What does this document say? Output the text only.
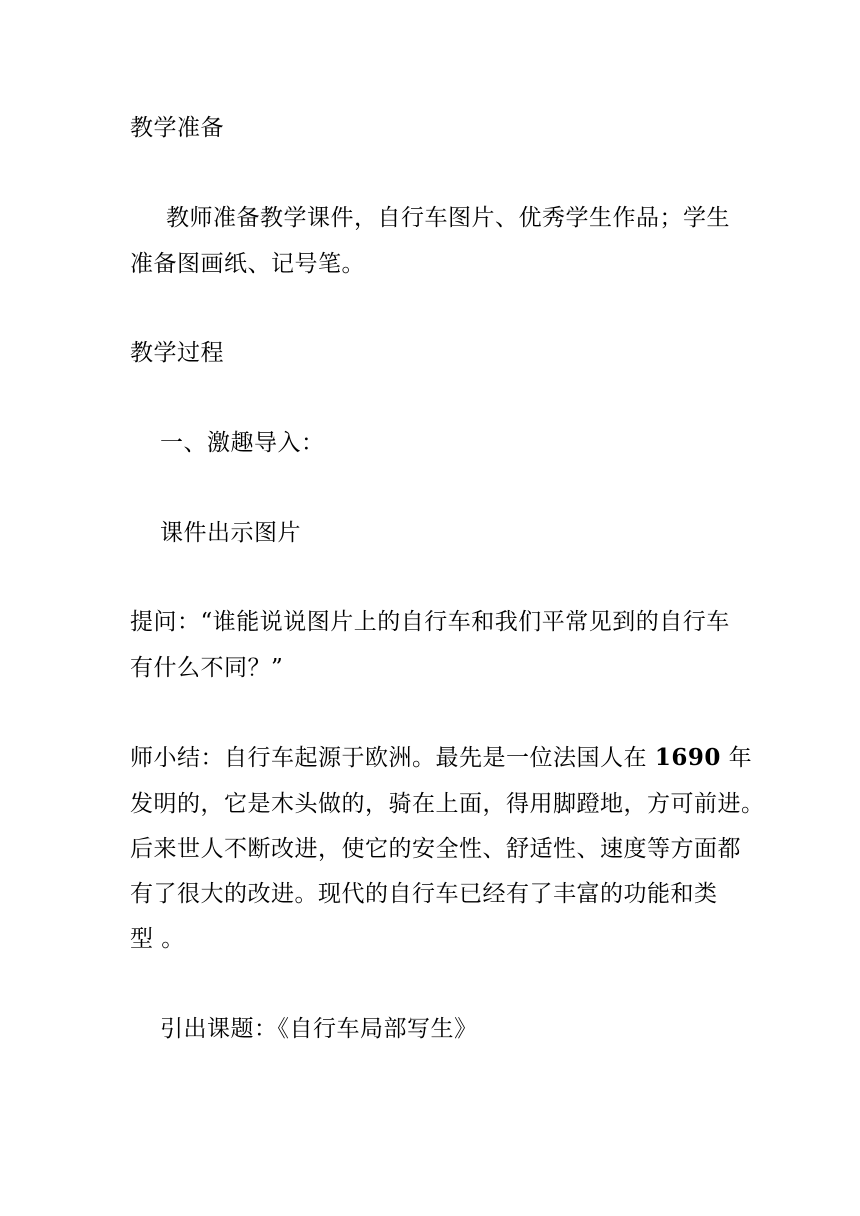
教学准备
教师准备教学课件，自行车图片、优秀学生作品；学生
准备图画纸、记号笔。
教学过程
一、激趣导入：
课件出示图片
提问：“谁能说说图片上的自行车和我们平常见到的自行车
有什么不同？”
师小结：自行车起源于欧洲。最先是一位法国人在 1690 年
发明的，它是木头做的，骑在上面，得用脚蹬地，方可前进。
后来世人不断改进，使它的安全性、舒适性、速度等方面都
有了很大的改进。现代的自行车已经有了丰富的功能和类
型 。
引出课题：《自行车局部写生》
